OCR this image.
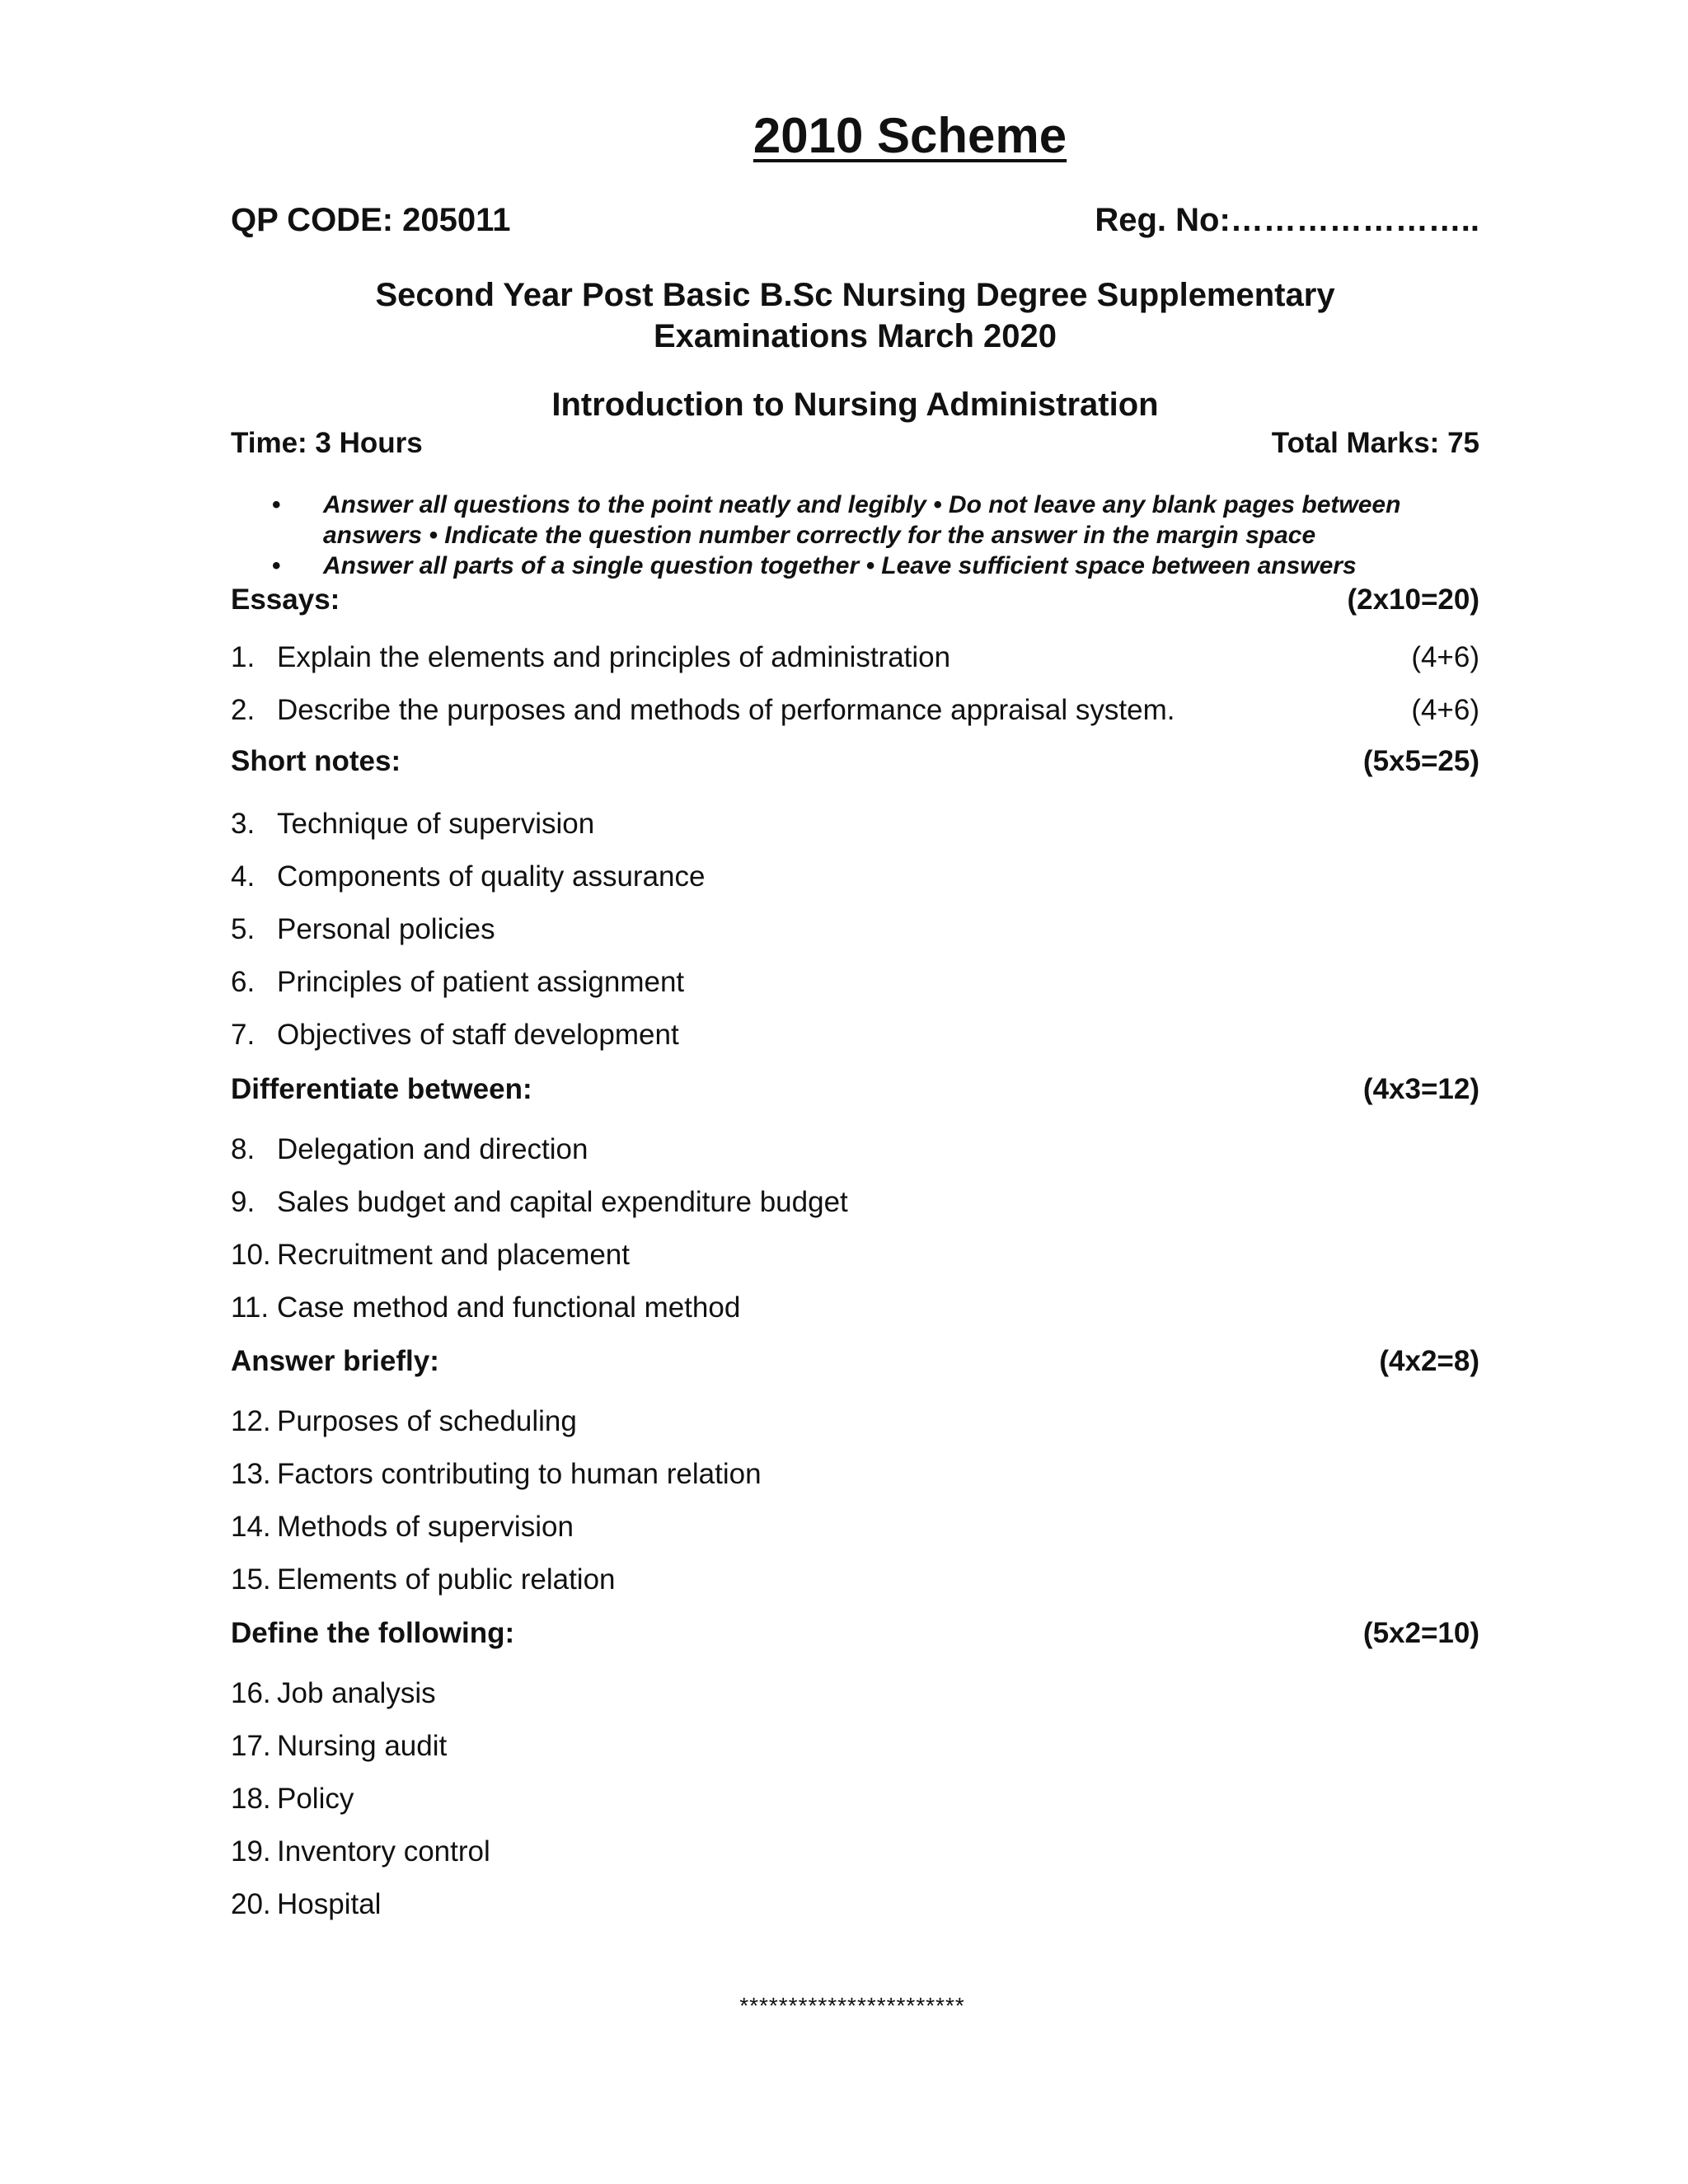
2010 Scheme
QP CODE: 205011	Reg. No:…………………..
Second Year Post Basic B.Sc Nursing Degree Supplementary
Examinations March 2020
Introduction to Nursing Administration
Time: 3 Hours	Total Marks: 75
• Answer all questions to the point neatly and legibly • Do not leave any blank pages between
answers • Indicate the question number correctly for the answer in the margin space
• Answer all parts of a single question together • Leave sufficient space between answers
Essays:	(2x10=20)
1. Explain the elements and principles of administration	(4+6)
2. Describe the purposes and methods of performance appraisal system.	(4+6)
Short notes:	(5x5=25)
3. Technique of supervision
4. Components of quality assurance
5. Personal policies
6. Principles of patient assignment
7. Objectives of staff development
Differentiate between:	(4x3=12)
8. Delegation and direction
9. Sales budget and capital expenditure budget
10. Recruitment and placement
11. Case method and functional method
Answer briefly:	(4x2=8)
12. Purposes of scheduling
13. Factors contributing to human relation
14. Methods of supervision
15. Elements of public relation
Define the following:	(5x2=10)
16. Job analysis
17. Nursing audit
18. Policy
19. Inventory control
20. Hospital
***********************
